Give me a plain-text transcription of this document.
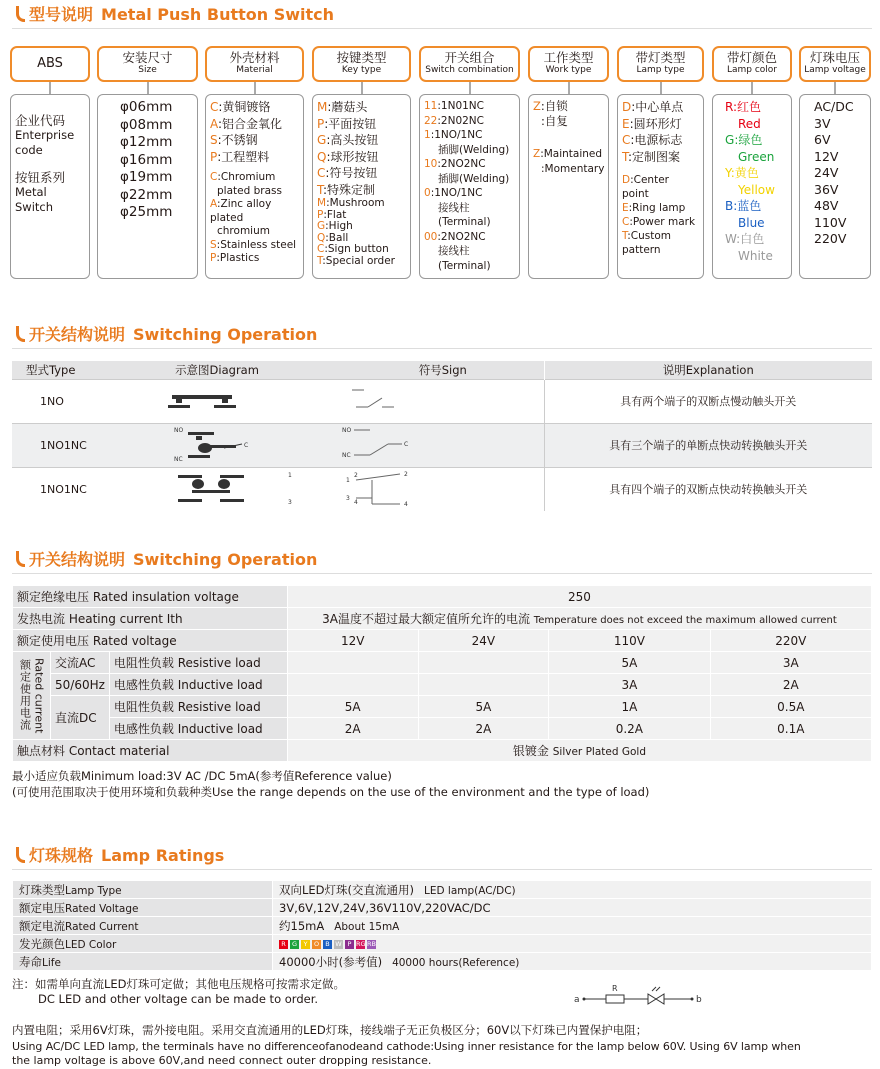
型号说明 Metal Push Button Switch
ABS	安装尺寸
Size
外壳材料
Material
按键类型
Key type
开关组合
Switch combination
工作类型
Work type
带灯类型
Lamp type
带灯颜色
Lamp color
灯珠电压
Lamp voltage
企业代码
Enterprise
code
按钮系列
Metal Switch
φ06mm
φ08mm
φ12mm
φ16mm
φ19mm
φ22mm
φ25mm
C:黄铜镀铬
A:铝合金氧化
S:不锈钢
P:工程塑料
C:Chromium
plated brass
A:Zinc alloy plated
chromium
S:Stainless steel
P:Plastics
M:蘑菇头
P:平面按钮
G:高头按钮
Q:球形按钮
C:符号按钮
T:特殊定制
M:Mushroom
P:Flat
G:High
Q:Ball
C:Sign button
T:Special order
11:1N01NC
22:2N02NC
1:1NO/1NC
插脚(Welding)
10:2NO2NC
插脚(Welding)
0:1NO/1NC
接线柱(Terminal)
00:2NO2NC
接线柱(Terminal)
Z:自锁
:自复
Z:Maintained
:Momentary
D:中心单点
E:圆环形灯
C:电源标志
T:定制图案
D:Center point
E:Ring lamp
C:Power mark
T:Custom pattern
R:红色
Red
G:绿色
Green
Y:黄色
Yellow
B:蓝色
Blue
W:白色
White
AC/DC
3V
6V
12V
24V
36V
48V
110V
220V
开关结构说明 Switching Operation
型式Type	示意图Diagram	符号Sign	说明Explanation
1NO			具有两个端子的双断点慢动触头开关
1NO1NC	NO
NC
C	NO
NC
C	具有三个端子的单断点快动转换触头开关
1NO1NC	1 2
3 4	1
2
3
4	具有四个端子的双断点快动转换触头开关
开关结构说明 Switching Operation
额定绝缘电压 Rated insulation voltage			250			
发热电流 Heating current Ith			3A温度不超过最大额定值所允许的电流 Temperature does not exceed the maximum allowed current			
额定使用电压 Rated voltage			12V	24V	110V	220V

额定使用电流 Rated current	交流AC	电阻性负载 Resistive load			5A	3A
	50/60Hz	电感性负载 Inductive load			3A	2A
	直流DC	电阻性负载 Resistive load	5A	5A	1A	0.5A
		电感性负载 Inductive load	2A	2A	0.2A	0.1A
触点材料 Contact material			银镀金 Silver Plated Gold			
最小适应负载Minimum load:3V AC /DC 5mA(参考值Reference value)
(可使用范围取决于使用环境和负载种类Use the range depends on the use of the environment and the type of load)
灯珠规格 Lamp Ratings
灯珠类型Lamp Type	双向LED灯珠(交直流通用) LED lamp(AC/DC)
额定电压Rated Voltage	3V,6V,12V,24V,36V110V,220VAC/DC
额定电流Rated Current	约15mA About 15mA
发光颜色LED Color	R G Y O B W P RGRB
寿命Life	40000小时(参考值) 40000 hours(Reference)
注：如需单向直流LED灯珠可定做；其他电压规格可按需求定做。
DC LED and other voltage can be made to order.	a
R
b
内置电阻；采用6V灯珠，需外接电阻。采用交直流通用的LED灯珠，接线端子无正负极区分；60V以下灯珠已内置保护电阻；
Using AC/DC LED lamp, the terminals have no differenceofanodeand cathode:Using inner resistance for the lamp below 60V. Using 6V lamp when
the lamp voltage is above 60V,and need connect outer dropping resistance.
